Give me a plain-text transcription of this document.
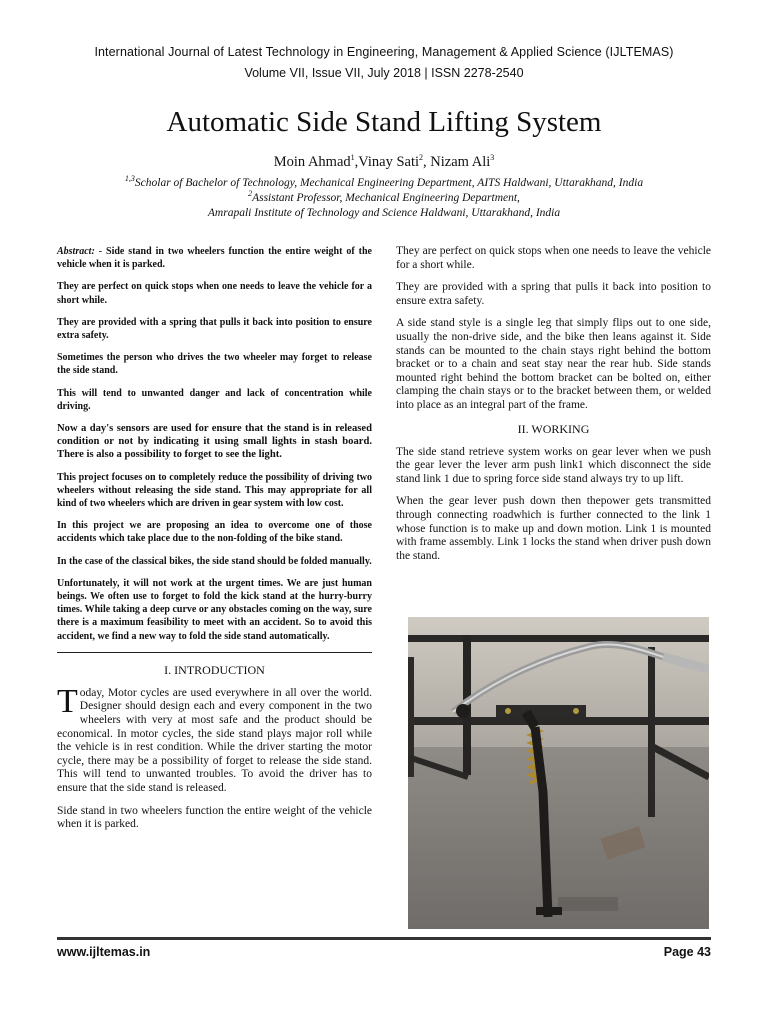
International Journal of Latest Technology in Engineering, Management & Applied Science (IJLTEMAS)
Volume VII, Issue VII, July 2018 | ISSN 2278-2540
Automatic Side Stand Lifting System
Moin Ahmad$^1$,Vinay Sati$^2$, Nizam Ali$^3$
$^{1,3}$Scholar of Bachelor of Technology, Mechanical Engineering Department, AITS Haldwani, Uttarakhand, India
$^2$Assistant Professor, Mechanical Engineering Department,
Amrapali Institute of Technology and Science Haldwani, Uttarakhand, India

Abstract: - Side stand in two wheelers function the entire weight of the vehicle when it is parked.

They are perfect on quick stops when one needs to leave the vehicle for a short while.

They are provided with a spring that pulls it back into position to ensure extra safety.

Sometimes the person who drives the two wheeler may forget to release the side stand.

This will tend to unwanted danger and lack of concentration while driving.

Now a day's sensors are used for ensure that the stand is in released condition or not by indicating it using small lights in stash board. There is also a possibility to forget to see the light.

This project focuses on to completely reduce the possibility of driving two wheelers without releasing the side stand. This may appropriate for all kind of two wheelers which are driven in gear system with low cost.

In this project we are proposing an idea to overcome one of those accidents which take place due to the non-folding of the bike stand.

In the case of the classical bikes, the side stand should be folded manually.

Unfortunately, it will not work at the urgent times. We are just human beings. We often use to forget to fold the kick stand at the hurry-burry times. While taking a deep curve or any obstacles coming on the way, sure there is a maximum feasibility to meet with an accident. So to avoid this accident, we find a new way to fold the side stand automatically.

I. INTRODUCTION

Today, Motor cycles are used everywhere in all over the world. Designer should design each and every component in the two wheelers with very at most safe and the product should be economical. In motor cycles, the side stand plays major roll while the vehicle is in rest condition. While the driver starting the motor cycle, there may be a possibility of forget to release the side stand. This will tend to unwanted troubles. To avoid the driver has to ensure that the side stand is released.

Side stand in two wheelers function the entire weight of the vehicle when it is parked.

They are perfect on quick stops when one needs to leave the vehicle for a short while.

They are provided with a spring that pulls it back into position to ensure extra safety.

A side stand style is a single leg that simply flips out to one side, usually the non-drive side, and the bike then leans against it. Side stands can be mounted to the chain stays right behind the bottom bracket or to a chain and seat stay near the rear hub. Side stands mounted right behind the bottom bracket can be bolted on, either clamping the chain stays or to the bracket between them, or welded into place as an integral part of the frame.

II. WORKING

The side stand retrieve system works on gear lever when we push the gear lever the lever arm push link1 which disconnect the side stand link 1 due to spring force side stand always try to up lift.

When the gear lever push down then thepower gets transmitted through connecting roadwhich is further connected to the link 1 whose function is to make up and down motion. Link 1 is mounted with frame assembly. Link 1 locks the stand when driver push down the stand.

www.ijltemas.in	Page 43
